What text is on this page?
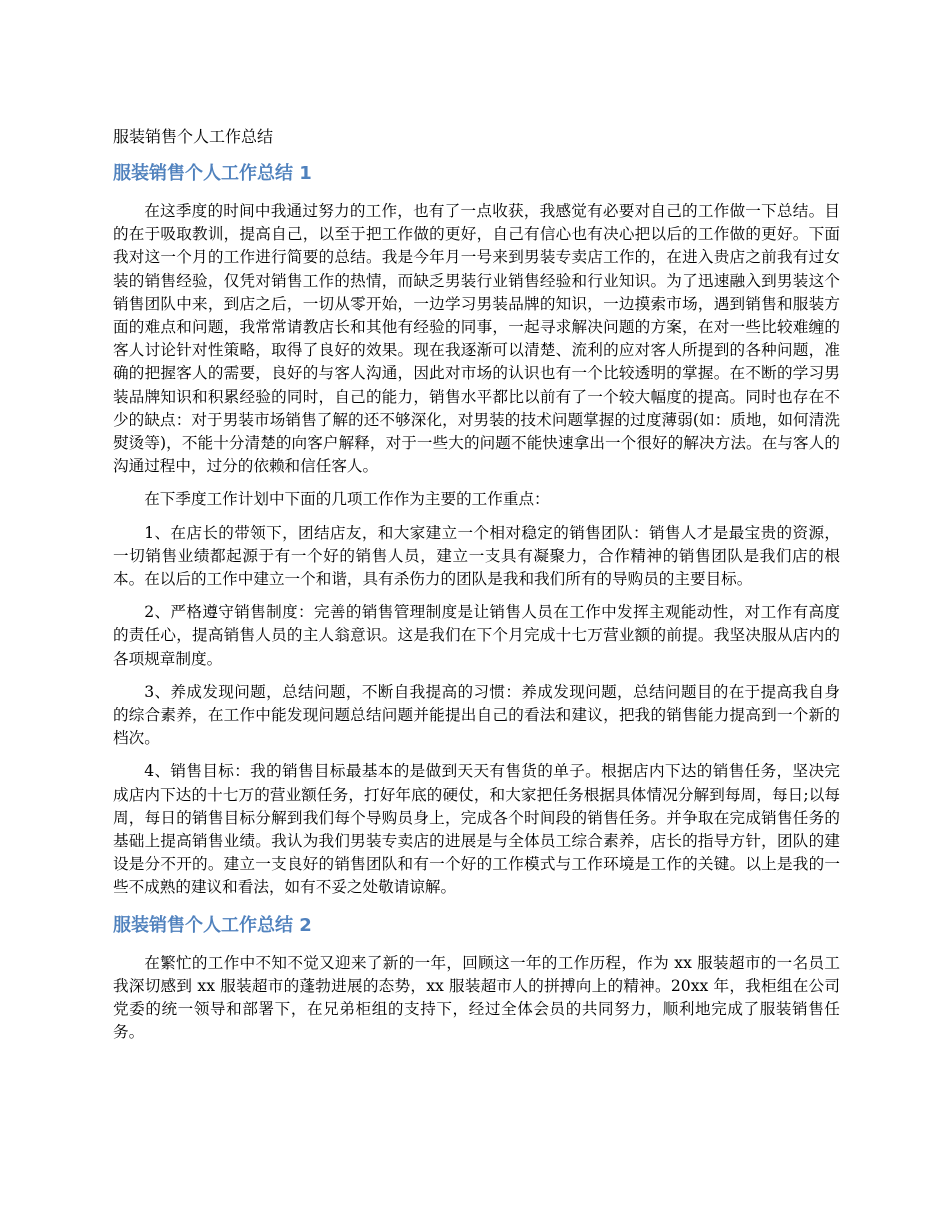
服装销售个人工作总结
服装销售个人工作总结 1

在这季度的时间中我通过努力的工作，也有了一点收获，我感觉有必要对自己的工作做一下总结。目的在于吸取教训，提高自己，以至于把工作做的更好，自己有信心也有决心把以后的工作做的更好。下面我对这一个月的工作进行简要的总结。我是今年月一号来到男装专卖店工作的，在进入贵店之前我有过女装的销售经验，仅凭对销售工作的热情，而缺乏男装行业销售经验和行业知识。为了迅速融入到男装这个销售团队中来，到店之后，一切从零开始，一边学习男装品牌的知识，一边摸索市场，遇到销售和服装方面的难点和问题，我常常请教店长和其他有经验的同事，一起寻求解决问题的方案，在对一些比较难缠的客人讨论针对性策略，取得了良好的效果。现在我逐渐可以清楚、流利的应对客人所提到的各种问题，准确的把握客人的需要，良好的与客人沟通，因此对市场的认识也有一个比较透明的掌握。在不断的学习男装品牌知识和积累经验的同时，自己的能力，销售水平都比以前有了一个较大幅度的提高。同时也存在不少的缺点：对于男装市场销售了解的还不够深化，对男装的技术问题掌握的过度薄弱(如：质地，如何清洗熨烫等)，不能十分清楚的向客户解释，对于一些大的问题不能快速拿出一个很好的解决方法。在与客人的沟通过程中，过分的依赖和信任客人。

在下季度工作计划中下面的几项工作作为主要的工作重点：

1、在店长的带领下，团结店友，和大家建立一个相对稳定的销售团队：销售人才是最宝贵的资源，一切销售业绩都起源于有一个好的销售人员，建立一支具有凝聚力，合作精神的销售团队是我们店的根本。在以后的工作中建立一个和谐，具有杀伤力的团队是我和我们所有的导购员的主要目标。

2、严格遵守销售制度：完善的销售管理制度是让销售人员在工作中发挥主观能动性，对工作有高度的责任心，提高销售人员的主人翁意识。这是我们在下个月完成十七万营业额的前提。我坚决服从店内的各项规章制度。

3、养成发现问题，总结问题，不断自我提高的习惯：养成发现问题，总结问题目的在于提高我自身的综合素养，在工作中能发现问题总结问题并能提出自己的看法和建议，把我的销售能力提高到一个新的档次。

4、销售目标：我的销售目标最基本的是做到天天有售货的单子。根据店内下达的销售任务，坚决完成店内下达的十七万的营业额任务，打好年底的硬仗，和大家把任务根据具体情况分解到每周，每日;以每周，每日的销售目标分解到我们每个导购员身上，完成各个时间段的销售任务。并争取在完成销售任务的基础上提高销售业绩。我认为我们男装专卖店的进展是与全体员工综合素养，店长的指导方针，团队的建设是分不开的。建立一支良好的销售团队和有一个好的工作模式与工作环境是工作的关键。以上是我的一些不成熟的建议和看法，如有不妥之处敬请谅解。

服装销售个人工作总结 2

在繁忙的工作中不知不觉又迎来了新的一年，回顾这一年的工作历程，作为 xx 服装超市的一名员工我深切感到 xx 服装超市的蓬勃进展的态势，xx 服装超市人的拼搏向上的精神。20xx 年，我柜组在公司党委的统一领导和部署下，在兄弟柜组的支持下，经过全体会员的共同努力，顺利地完成了服装销售任务。
